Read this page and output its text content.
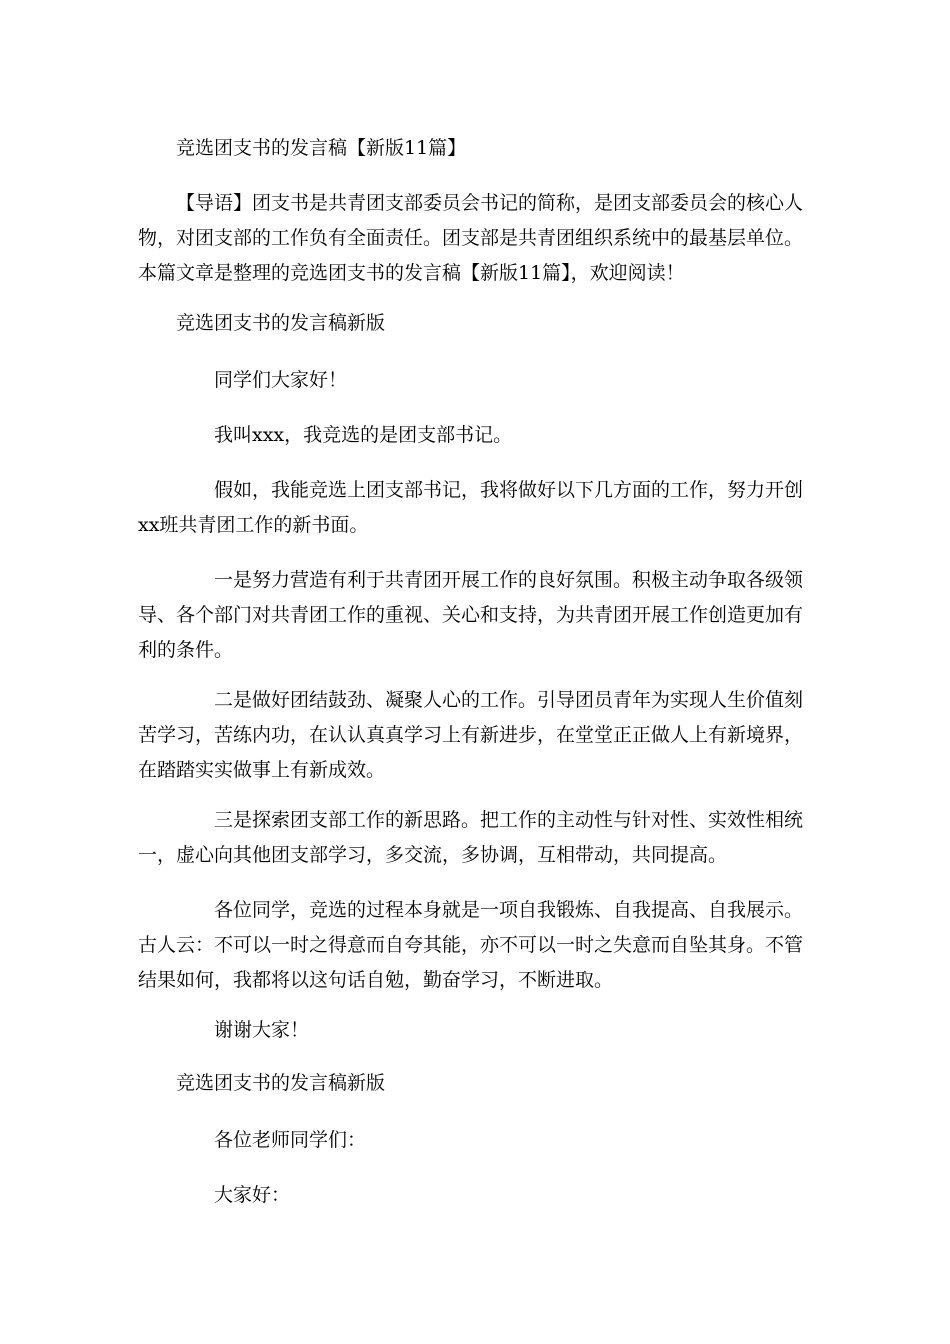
竞选团支书的发言稿【新版11篇】

【导语】团支书是共青团支部委员会书记的简称，是团支部委员会的核心人物，对团支部的工作负有全面责任。团支部是共青团组织系统中的最基层单位。本篇文章是整理的竞选团支书的发言稿【新版11篇】，欢迎阅读！

竞选团支书的发言稿新版

同学们大家好！

我叫xxx，我竞选的是团支部书记。

假如，我能竞选上团支部书记，我将做好以下几方面的工作，努力开创xx班共青团工作的新书面。

一是努力营造有利于共青团开展工作的良好氛围。积极主动争取各级领导、各个部门对共青团工作的重视、关心和支持，为共青团开展工作创造更加有利的条件。

二是做好团结鼓劲、凝聚人心的工作。引导团员青年为实现人生价值刻苦学习，苦练内功，在认认真真学习上有新进步，在堂堂正正做人上有新境界，在踏踏实实做事上有新成效。

三是探索团支部工作的新思路。把工作的主动性与针对性、实效性相统一，虚心向其他团支部学习，多交流，多协调，互相带动，共同提高。

各位同学，竞选的过程本身就是一项自我锻炼、自我提高、自我展示。古人云：不可以一时之得意而自夸其能，亦不可以一时之失意而自坠其身。不管结果如何，我都将以这句话自勉，勤奋学习，不断进取。

谢谢大家！

竞选团支书的发言稿新版

各位老师同学们：

大家好：
